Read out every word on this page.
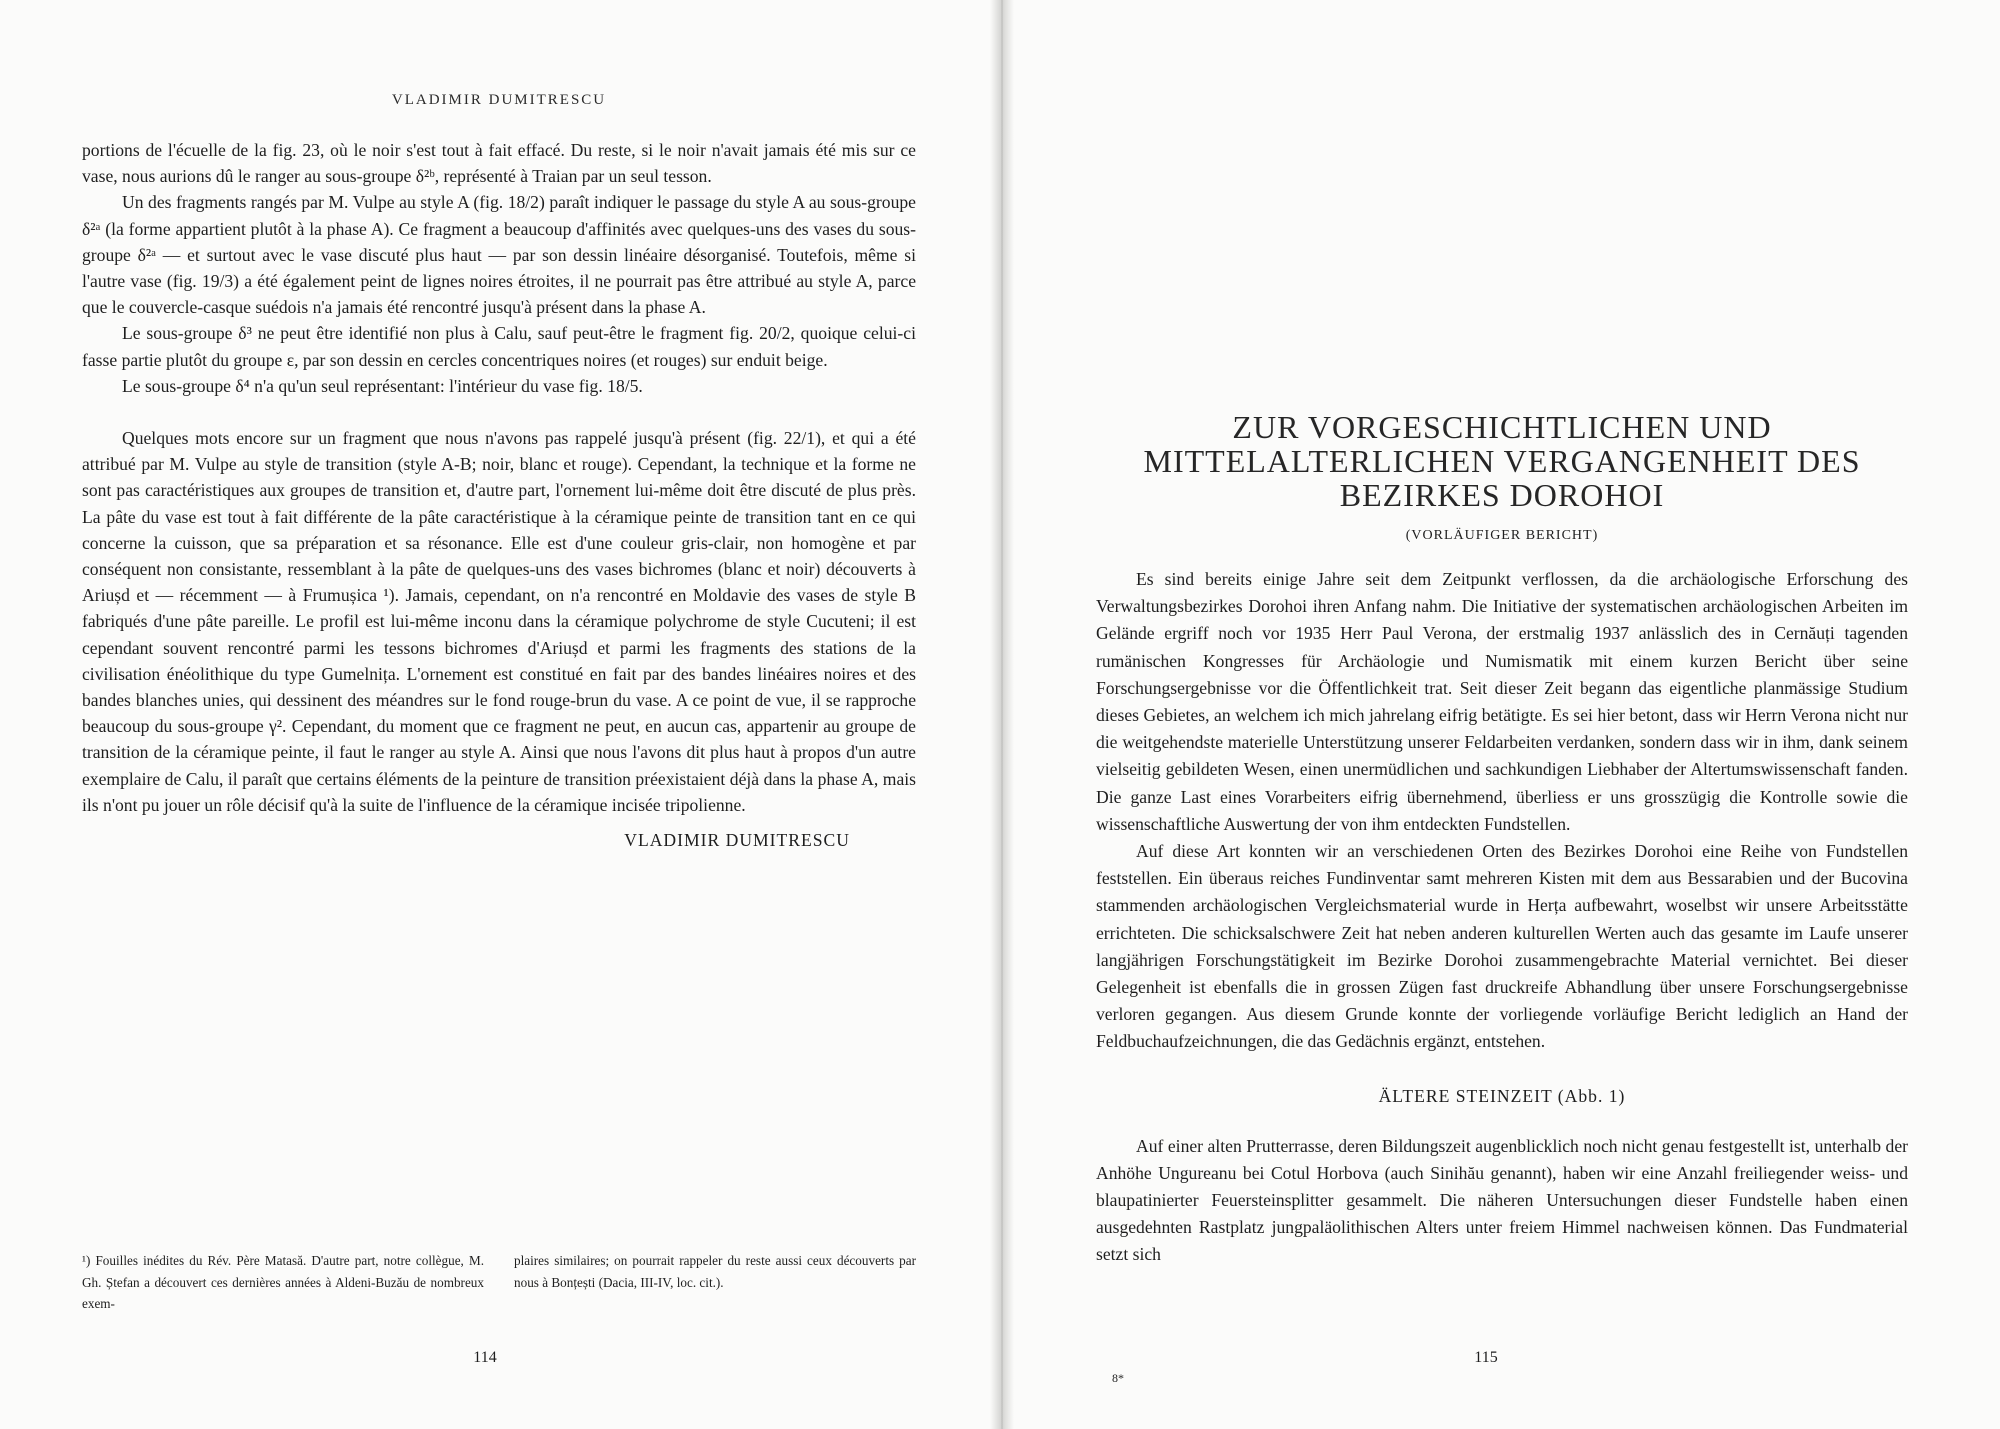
VLADIMIR DUMITRESCU

portions de l'écuelle de la fig. 23, où le noir s'est tout à fait effacé. Du reste, si le noir n'avait jamais été mis sur ce vase, nous aurions dû le ranger au sous-groupe δ²ᵇ, représenté à Traian par un seul tesson.

Un des fragments rangés par M. Vulpe au style A (fig. 18/2) paraît indiquer le passage du style A au sous-groupe δ²ᵃ (la forme appartient plutôt à la phase A). Ce fragment a beaucoup d'affinités avec quelques-uns des vases du sous-groupe δ²ᵃ — et surtout avec le vase discuté plus haut — par son dessin linéaire désorganisé. Toutefois, même si l'autre vase (fig. 19/3) a été également peint de lignes noires étroites, il ne pourrait pas être attribué au style A, parce que le couvercle-casque suédois n'a jamais été rencontré jusqu'à présent dans la phase A.

Le sous-groupe δ³ ne peut être identifié non plus à Calu, sauf peut-être le fragment fig. 20/2, quoique celui-ci fasse partie plutôt du groupe ε, par son dessin en cercles concentriques noires (et rouges) sur enduit beige.

Le sous-groupe δ⁴ n'a qu'un seul représentant: l'intérieur du vase fig. 18/5.

Quelques mots encore sur un fragment que nous n'avons pas rappelé jusqu'à présent (fig. 22/1), et qui a été attribué par M. Vulpe au style de transition (style A-B; noir, blanc et rouge). Cependant, la technique et la forme ne sont pas caractéristiques aux groupes de transition et, d'autre part, l'ornement lui-même doit être discuté de plus près. La pâte du vase est tout à fait différente de la pâte caractéristique à la céramique peinte de transition tant en ce qui concerne la cuisson, que sa préparation et sa résonance. Elle est d'une couleur gris-clair, non homogène et par conséquent non consistante, ressemblant à la pâte de quelques-uns des vases bichromes (blanc et noir) découverts à Ariușd et — récemment — à Frumușica ¹). Jamais, cependant, on n'a rencontré en Moldavie des vases de style B fabriqués d'une pâte pareille. Le profil est lui-même inconu dans la céramique polychrome de style Cucuteni; il est cependant souvent rencontré parmi les tessons bichromes d'Ariușd et parmi les fragments des stations de la civilisation énéolithique du type Gumelnița. L'ornement est constitué en fait par des bandes linéaires noires et des bandes blanches unies, qui dessinent des méandres sur le fond rouge-brun du vase. A ce point de vue, il se rapproche beaucoup du sous-groupe γ². Cependant, du moment que ce fragment ne peut, en aucun cas, appartenir au groupe de transition de la céramique peinte, il faut le ranger au style A. Ainsi que nous l'avons dit plus haut à propos d'un autre exemplaire de Calu, il paraît que certains éléments de la peinture de transition préexistaient déjà dans la phase A, mais ils n'ont pu jouer un rôle décisif qu'à la suite de l'influence de la céramique incisée tripolienne.

VLADIMIR DUMITRESCU

¹) Fouilles inédites du Rév. Père Matasă. D'autre part, notre collègue, M. Gh. Ștefan a découvert ces dernières années à Aldeni-Buzău de nombreux exem-

plaires similaires; on pourrait rappeler du reste aussi ceux découverts par nous à Bonțești (Dacia, III-IV, loc. cit.).

114
ZUR VORGESCHICHTLICHEN UND MITTELALTERLICHEN VERGANGENHEIT DES BEZIRKES DOROHOI
(VORLÄUFIGER BERICHT)

Es sind bereits einige Jahre seit dem Zeitpunkt verflossen, da die archäologische Erforschung des Verwaltungsbezirkes Dorohoi ihren Anfang nahm. Die Initiative der systematischen archäologischen Arbeiten im Gelände ergriff noch vor 1935 Herr Paul Verona, der erstmalig 1937 anlässlich des in Cernăuți tagenden rumänischen Kongresses für Archäologie und Numismatik mit einem kurzen Bericht über seine Forschungsergebnisse vor die Öffentlichkeit trat. Seit dieser Zeit begann das eigentliche planmässige Studium dieses Gebietes, an welchem ich mich jahrelang eifrig betätigte. Es sei hier betont, dass wir Herrn Verona nicht nur die weitgehendste materielle Unterstützung unserer Feldarbeiten verdanken, sondern dass wir in ihm, dank seinem vielseitig gebildeten Wesen, einen unermüdlichen und sachkundigen Liebhaber der Altertumswissenschaft fanden. Die ganze Last eines Vorarbeiters eifrig übernehmend, überliess er uns grosszügig die Kontrolle sowie die wissenschaftliche Auswertung der von ihm entdeckten Fundstellen.

Auf diese Art konnten wir an verschiedenen Orten des Bezirkes Dorohoi eine Reihe von Fundstellen feststellen. Ein überaus reiches Fundinventar samt mehreren Kisten mit dem aus Bessarabien und der Bucovina stammenden archäologischen Vergleichsmaterial wurde in Herța aufbewahrt, woselbst wir unsere Arbeitsstätte errichteten. Die schicksalschwere Zeit hat neben anderen kulturellen Werten auch das gesamte im Laufe unserer langjährigen Forschungstätigkeit im Bezirke Dorohoi zusammengebrachte Material vernichtet. Bei dieser Gelegenheit ist ebenfalls die in grossen Zügen fast druckreife Abhandlung über unsere Forschungsergebnisse verloren gegangen. Aus diesem Grunde konnte der vorliegende vorläufige Bericht lediglich an Hand der Feldbuchaufzeichnungen, die das Gedächnis ergänzt, entstehen.

ÄLTERE STEINZEIT (Abb. 1)

Auf einer alten Prutterrasse, deren Bildungszeit augenblicklich noch nicht genau festgestellt ist, unterhalb der Anhöhe Ungureanu bei Cotul Horbova (auch Sinihău genannt), haben wir eine Anzahl freiliegender weiss- und blaupatinierter Feuersteinsplitter gesammelt. Die näheren Untersuchungen dieser Fundstelle haben einen ausgedehnten Rastplatz jungpaläolithischen Alters unter freiem Himmel nachweisen können. Das Fundmaterial setzt sich

115
8*
